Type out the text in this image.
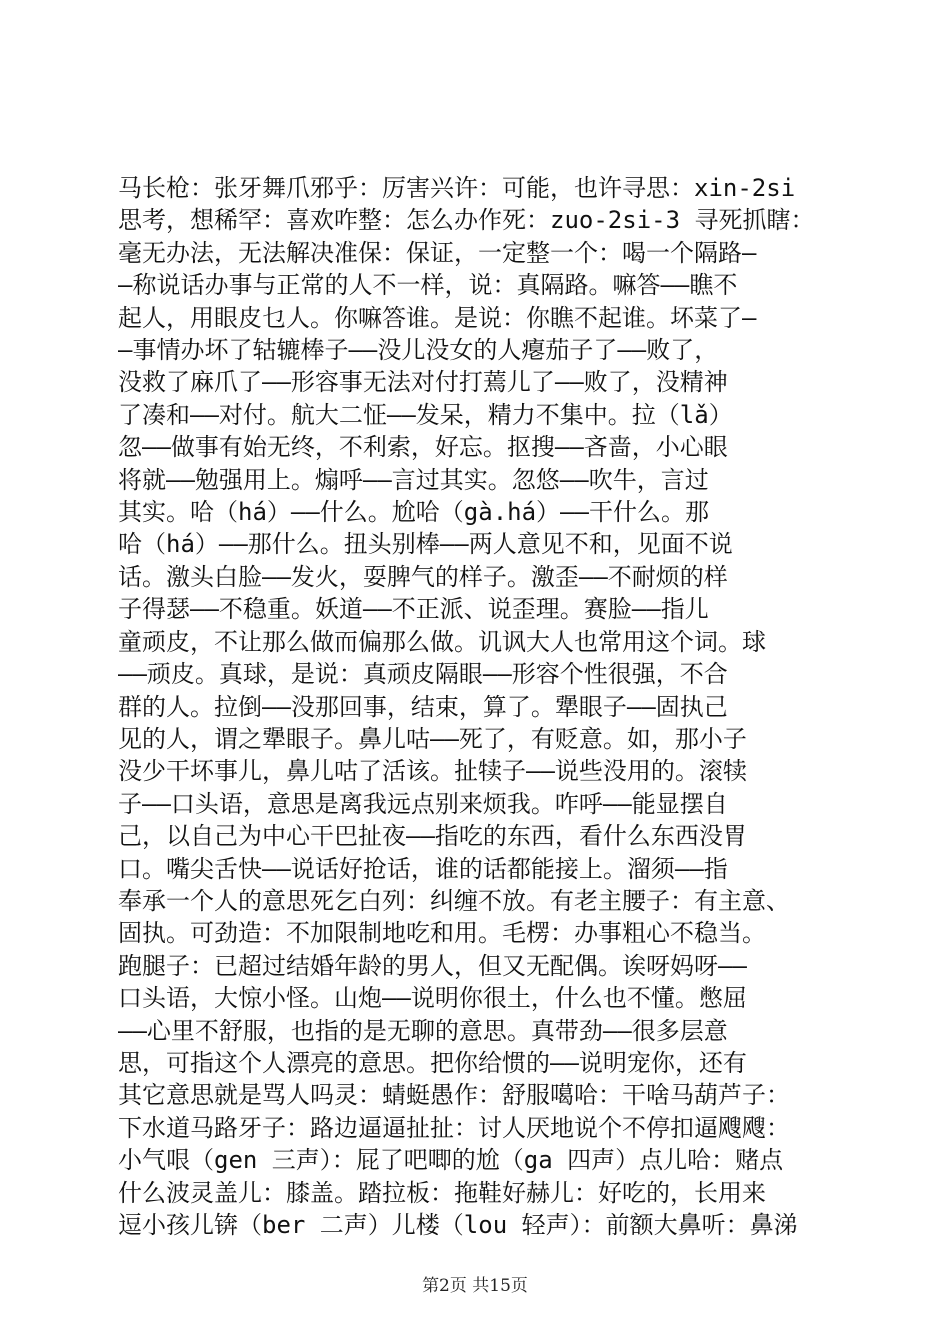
马长枪：张牙舞爪邪乎：厉害兴许：可能，也许寻思：xin-2si
思考，想稀罕：喜欢咋整：怎么办作死：zuo-2si-3 寻死抓瞎：
毫无办法，无法解决准保：保证，一定整一个：喝一个隔路—
—称说话办事与正常的人不一样，说：真隔路。嘛答——瞧不
起人，用眼皮乜人。你嘛答谁。是说：你瞧不起谁。坏菜了—
—事情办坏了轱辘棒子——没儿没女的人瘪茄子了——败了，
没救了麻爪了——形容事无法对付打蔫儿了——败了，没精神
了凑和——对付。航大二怔——发呆，精力不集中。拉（lǎ）
忽——做事有始无终，不利索，好忘。抠搜——吝啬，小心眼
将就——勉强用上。煽呼——言过其实。忽悠——吹牛，言过
其实。哈（há）——什么。尬哈（gà.há）——干什么。那
哈（há）——那什么。扭头别棒——两人意见不和，见面不说
话。激头白脸——发火，耍脾气的样子。激歪——不耐烦的样
子得瑟——不稳重。妖道——不正派、说歪理。赛脸——指儿
童顽皮，不让那么做而偏那么做。讥讽大人也常用这个词。球
——顽皮。真球，是说：真顽皮隔眼——形容个性很强，不合
群的人。拉倒——没那回事，结束，算了。犟眼子——固执己
见的人，谓之犟眼子。鼻儿咕——死了，有贬意。如，那小子
没少干坏事儿，鼻儿咕了活该。扯犊子——说些没用的。滚犊
子——口头语，意思是离我远点别来烦我。咋呼——能显摆自
己，以自己为中心干巴扯夜——指吃的东西，看什么东西没胃
口。嘴尖舌快——说话好抢话，谁的话都能接上。溜须——指
奉承一个人的意思死乞白列：纠缠不放。有老主腰子：有主意、
固执。可劲造：不加限制地吃和用。毛楞：办事粗心不稳当。
跑腿子：已超过结婚年龄的男人，但又无配偶。诶呀妈呀——
口头语，大惊小怪。山炮——说明你很土，什么也不懂。憋屈
——心里不舒服，也指的是无聊的意思。真带劲——很多层意
思，可指这个人漂亮的意思。把你给惯的——说明宠你，还有
其它意思就是骂人吗灵：蜻蜓愚作：舒服噶哈：干啥马葫芦子：
下水道马路牙子：路边逼逼扯扯：讨人厌地说个不停扣逼飕飕：
小气哏（gen 三声）：屁了吧唧的尬（ga 四声）点儿哈：赌点
什么波灵盖儿：膝盖。踏拉板：拖鞋好赫儿：好吃的，长用来
逗小孩儿锛（ber 二声）儿楼（lou 轻声）：前额大鼻听：鼻涕
第2页 共15页
